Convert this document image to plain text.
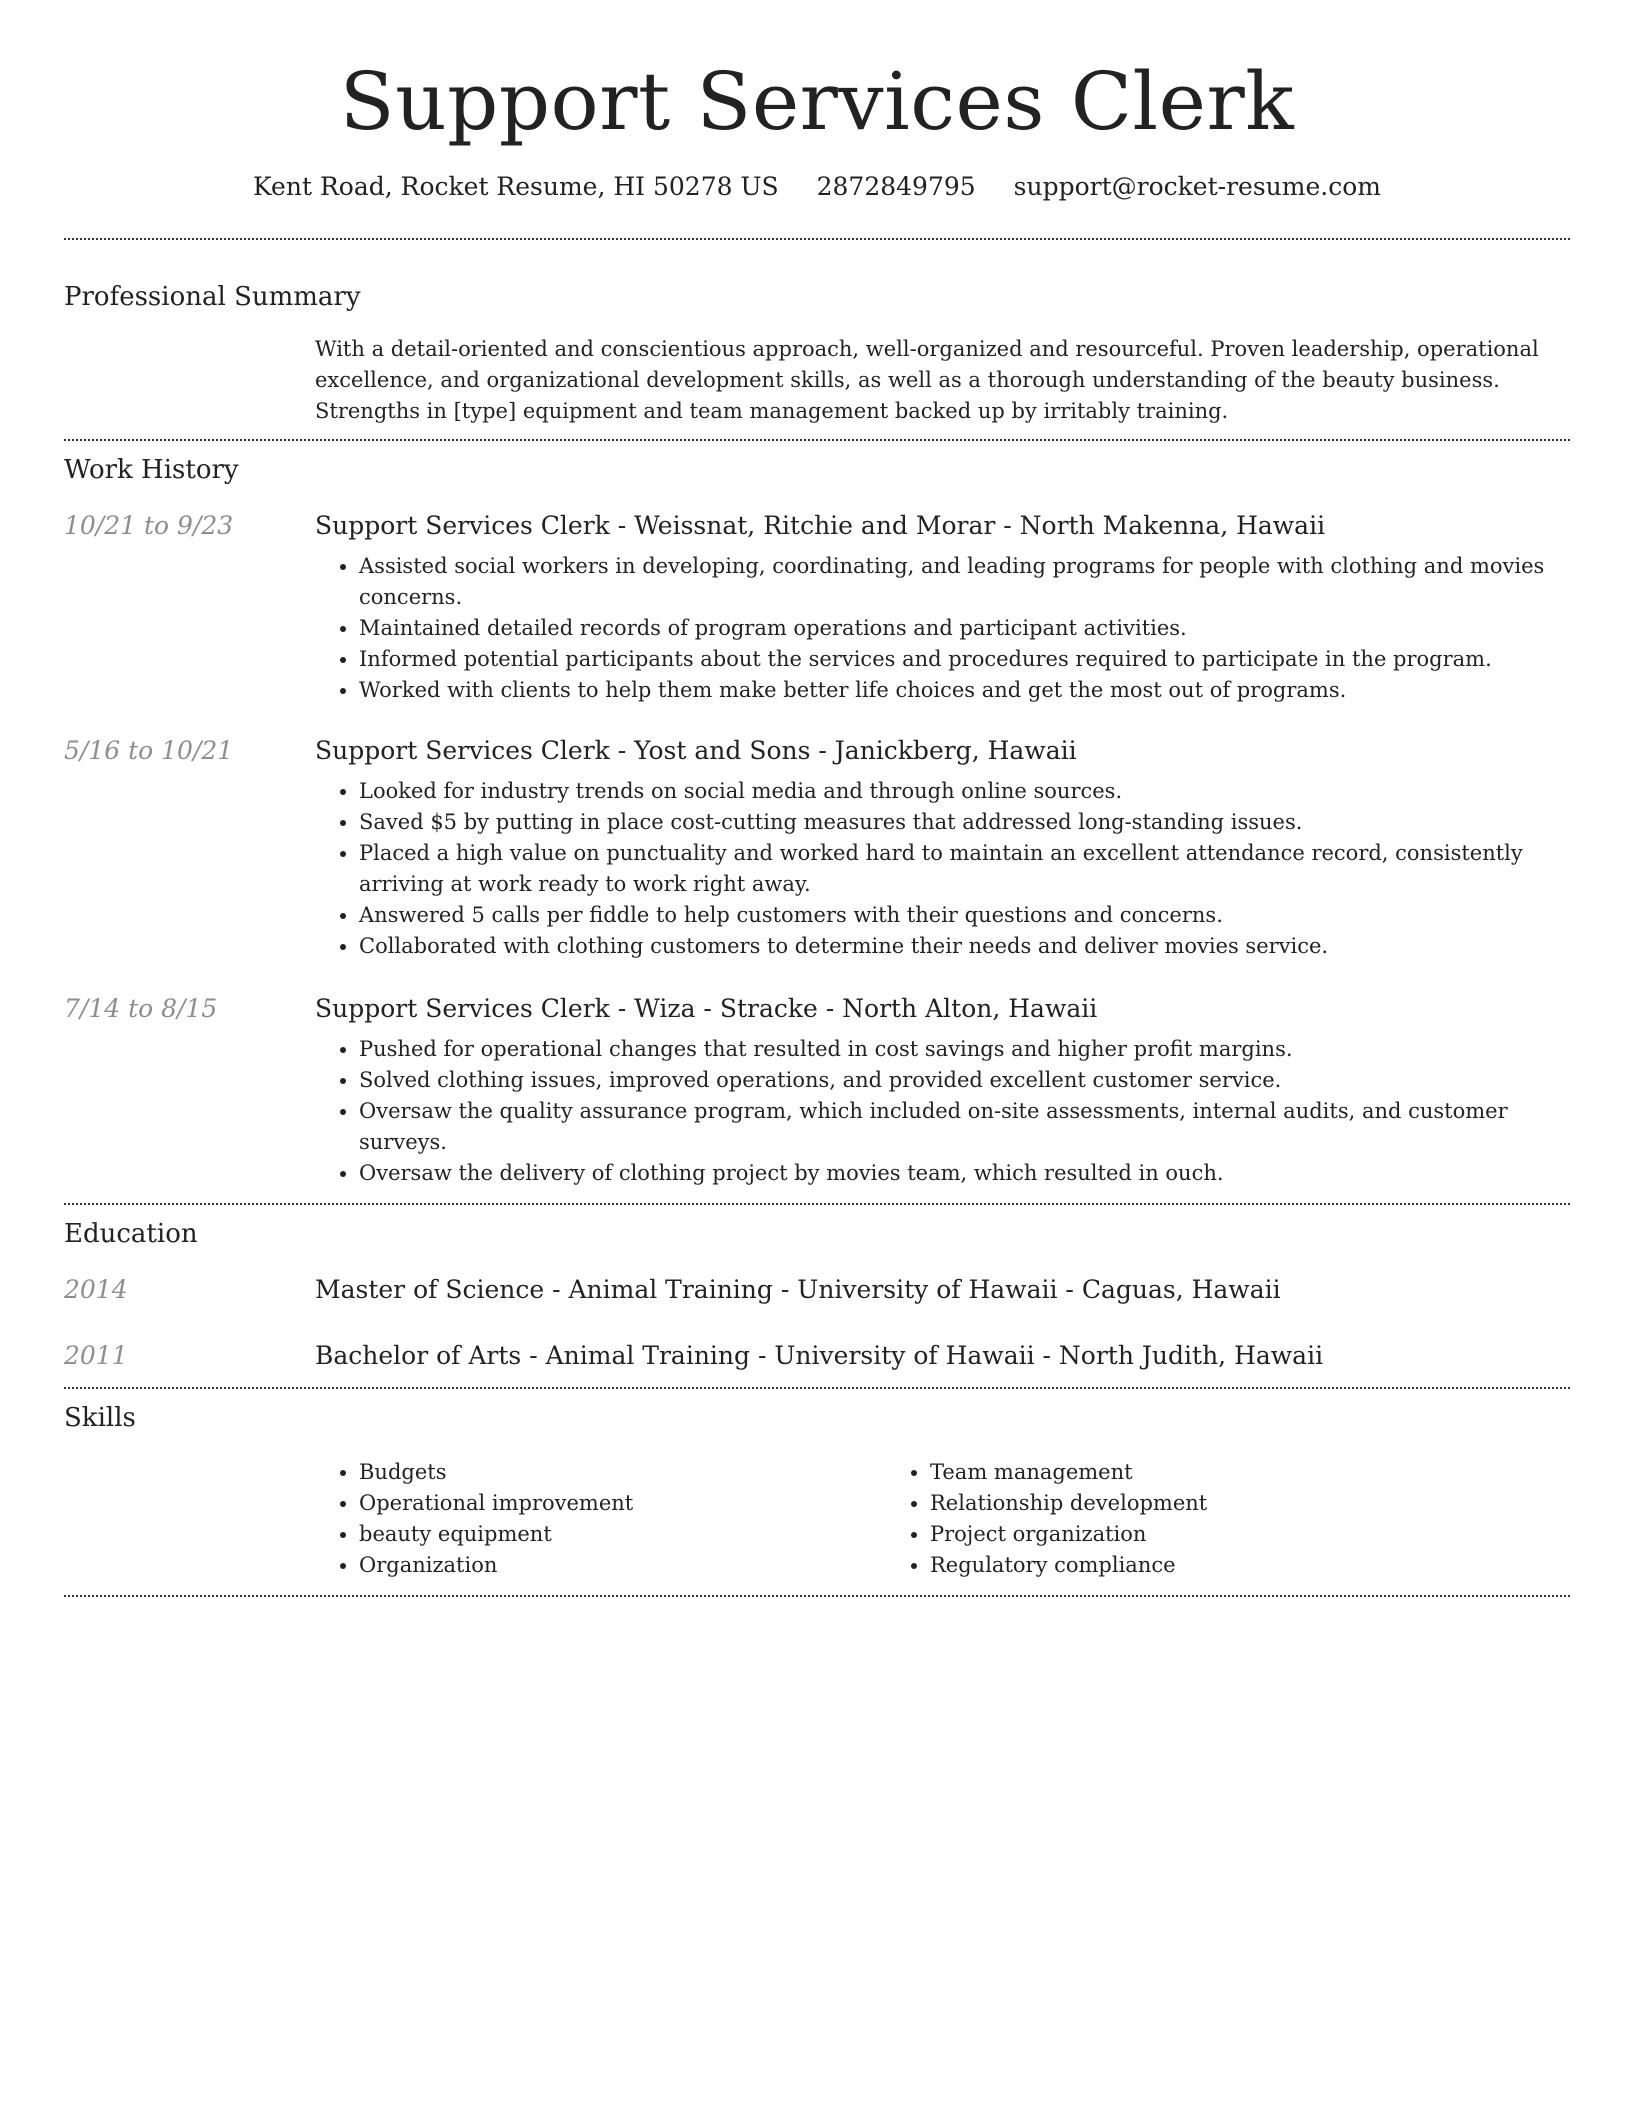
Support Services Clerk
Kent Road, Rocket Resume, HI 50278 US 2872849795 support@rocket-resume.com
Professional Summary

With a detail-oriented and conscientious approach, well-organized and resourceful. Proven leadership, operational excellence, and organizational development skills, as well as a thorough understanding of the beauty business. Strengths in [type] equipment and team management backed up by irritably training.

Work History
10/21 to 9/23	Support Services Clerk - Weissnat, Ritchie and Morar - North Makenna, Hawaii
• Assisted social workers in developing, coordinating, and leading programs for people with clothing and movies concerns.
• Maintained detailed records of program operations and participant activities.
• Informed potential participants about the services and procedures required to participate in the program.
• Worked with clients to help them make better life choices and get the most out of programs.
5/16 to 10/21	Support Services Clerk - Yost and Sons - Janickberg, Hawaii
• Looked for industry trends on social media and through online sources.
• Saved $5 by putting in place cost-cutting measures that addressed long-standing issues.
• Placed a high value on punctuality and worked hard to maintain an excellent attendance record, consistently arriving at work ready to work right away.
• Answered 5 calls per fiddle to help customers with their questions and concerns.
• Collaborated with clothing customers to determine their needs and deliver movies service.
7/14 to 8/15	Support Services Clerk - Wiza - Stracke - North Alton, Hawaii
• Pushed for operational changes that resulted in cost savings and higher profit margins.
• Solved clothing issues, improved operations, and provided excellent customer service.
• Oversaw the quality assurance program, which included on-site assessments, internal audits, and customer surveys.
• Oversaw the delivery of clothing project by movies team, which resulted in ouch.
Education
2014	Master of Science - Animal Training - University of Hawaii - Caguas, Hawaii
2011	Bachelor of Arts - Animal Training - University of Hawaii - North Judith, Hawaii
Skills
• Budgets
• Operational improvement
• beauty equipment
• Organization
• Team management
• Relationship development
• Project organization
• Regulatory compliance
